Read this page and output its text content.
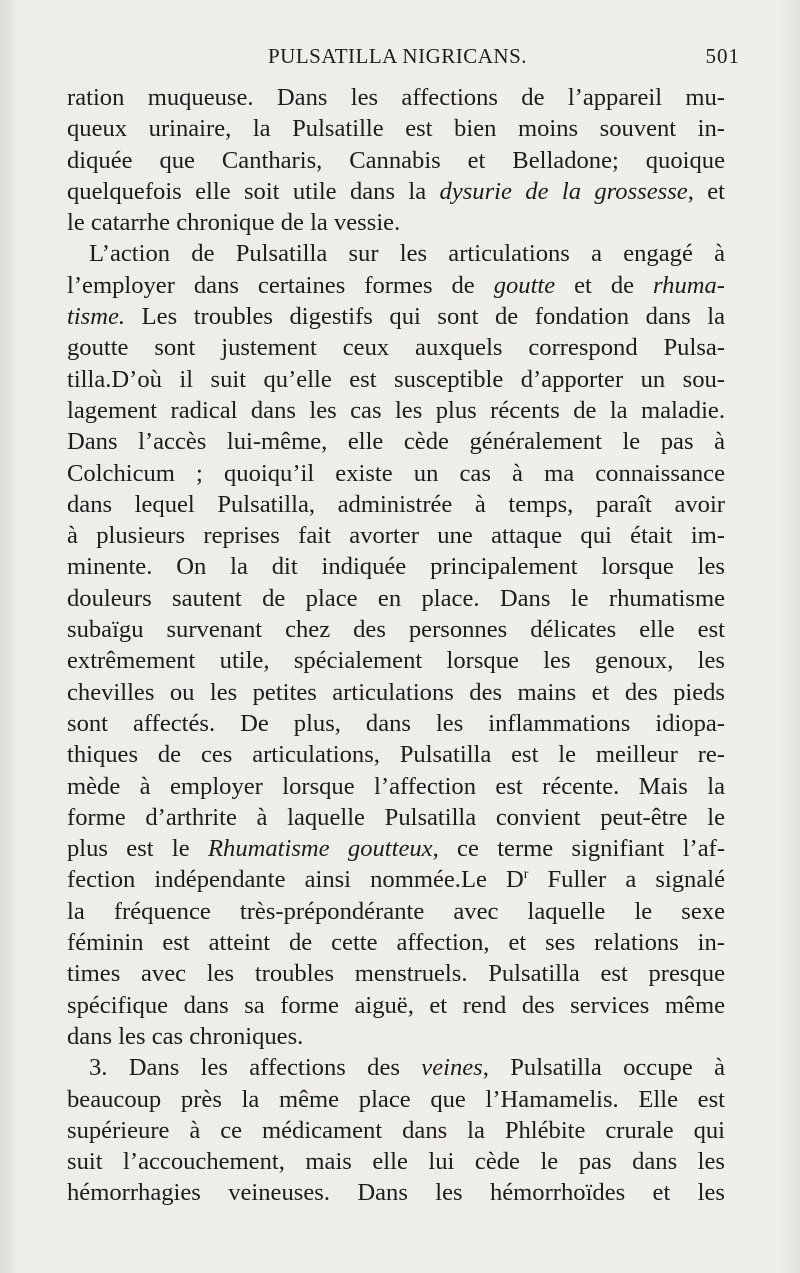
PULSATILLA NIGRICANS.	501
ration muqueuse. Dans les affections de l’appareil mu-
queux urinaire, la Pulsatille est bien moins souvent in-
diquée que Cantharis, Cannabis et Belladone; quoique
quelquefois elle soit utile dans la dysurie de la grossesse, et
le catarrhe chronique de la vessie.
L’action de Pulsatilla sur les articulations a engagé à
l’employer dans certaines formes de goutte et de rhuma-
tisme. Les troubles digestifs qui sont de fondation dans la
goutte sont justement ceux auxquels correspond Pulsa-
tilla.D’où il suit qu’elle est susceptible d’apporter un sou-
lagement radical dans les cas les plus récents de la maladie.
Dans l’accès lui-même, elle cède généralement le pas à
Colchicum ; quoiqu’il existe un cas à ma connaissance
dans lequel Pulsatilla, administrée à temps, paraît avoir
à plusieurs reprises fait avorter une attaque qui était im-
minente. On la dit indiquée principalement lorsque les
douleurs sautent de place en place. Dans le rhumatisme
subaïgu survenant chez des personnes délicates elle est
extrêmement utile, spécialement lorsque les genoux, les
chevilles ou les petites articulations des mains et des pieds
sont affectés. De plus, dans les inflammations idiopa-
thiques de ces articulations, Pulsatilla est le meilleur re-
mède à employer lorsque l’affection est récente. Mais la
forme d’arthrite à laquelle Pulsatilla convient peut-être le
plus est le Rhumatisme goutteux, ce terme signifiant l’af-
fection indépendante ainsi nommée.Le $D^r$ Fuller a signalé
la fréquence très-prépondérante avec laquelle le sexe
féminin est atteint de cette affection, et ses relations in-
times avec les troubles menstruels. Pulsatilla est presque
spécifique dans sa forme aiguë, et rend des services même
dans les cas chroniques.
3. Dans les affections des veines, Pulsatilla occupe à
beaucoup près la même place que l’Hamamelis. Elle est
supérieure à ce médicament dans la Phlébite crurale qui
suit l’accouchement, mais elle lui cède le pas dans les
hémorrhagies veineuses. Dans les hémorrhoïdes et les
